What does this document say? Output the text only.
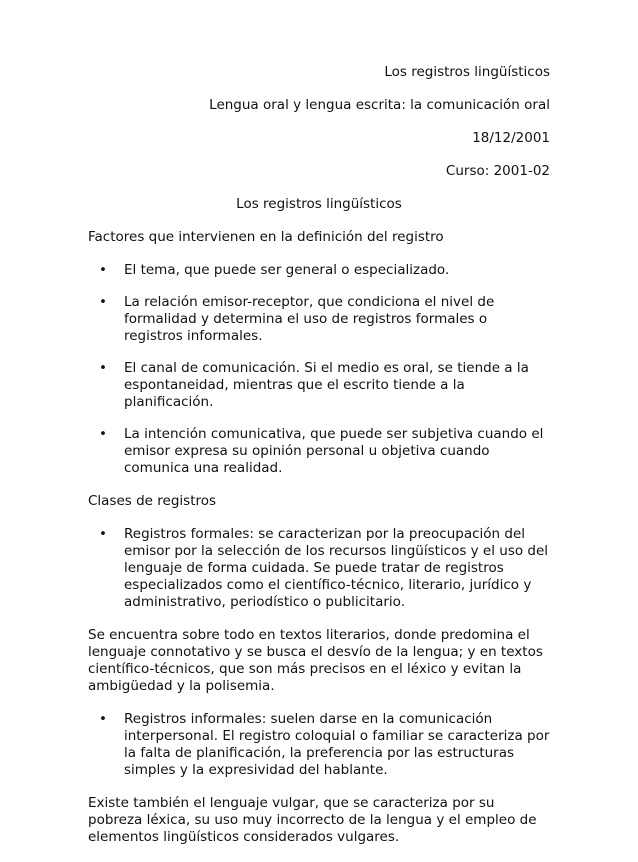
Los registros lingüísticos
Lengua oral y lengua escrita: la comunicación oral
18/12/2001
Curso: 2001-02
Los registros lingüísticos

Factores que intervienen en la definición del registro

• El tema, que puede ser general o especializado.
• La relación emisor-receptor, que condiciona el nivel de formalidad y determina el uso de registros formales o registros informales.
• El canal de comunicación. Si el medio es oral, se tiende a la espontaneidad, mientras que el escrito tiende a la planificación.
• La intención comunicativa, que puede ser subjetiva cuando el emisor expresa su opinión personal u objetiva cuando comunica una realidad.

Clases de registros

• Registros formales: se caracterizan por la preocupación del emisor por la selección de los recursos lingüísticos y el uso del lenguaje de forma cuidada. Se puede tratar de registros especializados como el científico-técnico, literario, jurídico y administrativo, periodístico o publicitario.

Se encuentra sobre todo en textos literarios, donde predomina el lenguaje connotativo y se busca el desvío de la lengua; y en textos científico-técnicos, que son más precisos en el léxico y evitan la ambigüedad y la polisemia.

• Registros informales: suelen darse en la comunicación interpersonal. El registro coloquial o familiar se caracteriza por la falta de planificación, la preferencia por las estructuras simples y la expresividad del hablante.

Existe también el lenguaje vulgar, que se caracteriza por su pobreza léxica, su uso muy incorrecto de la lengua y el empleo de elementos lingüísticos considerados vulgares.
